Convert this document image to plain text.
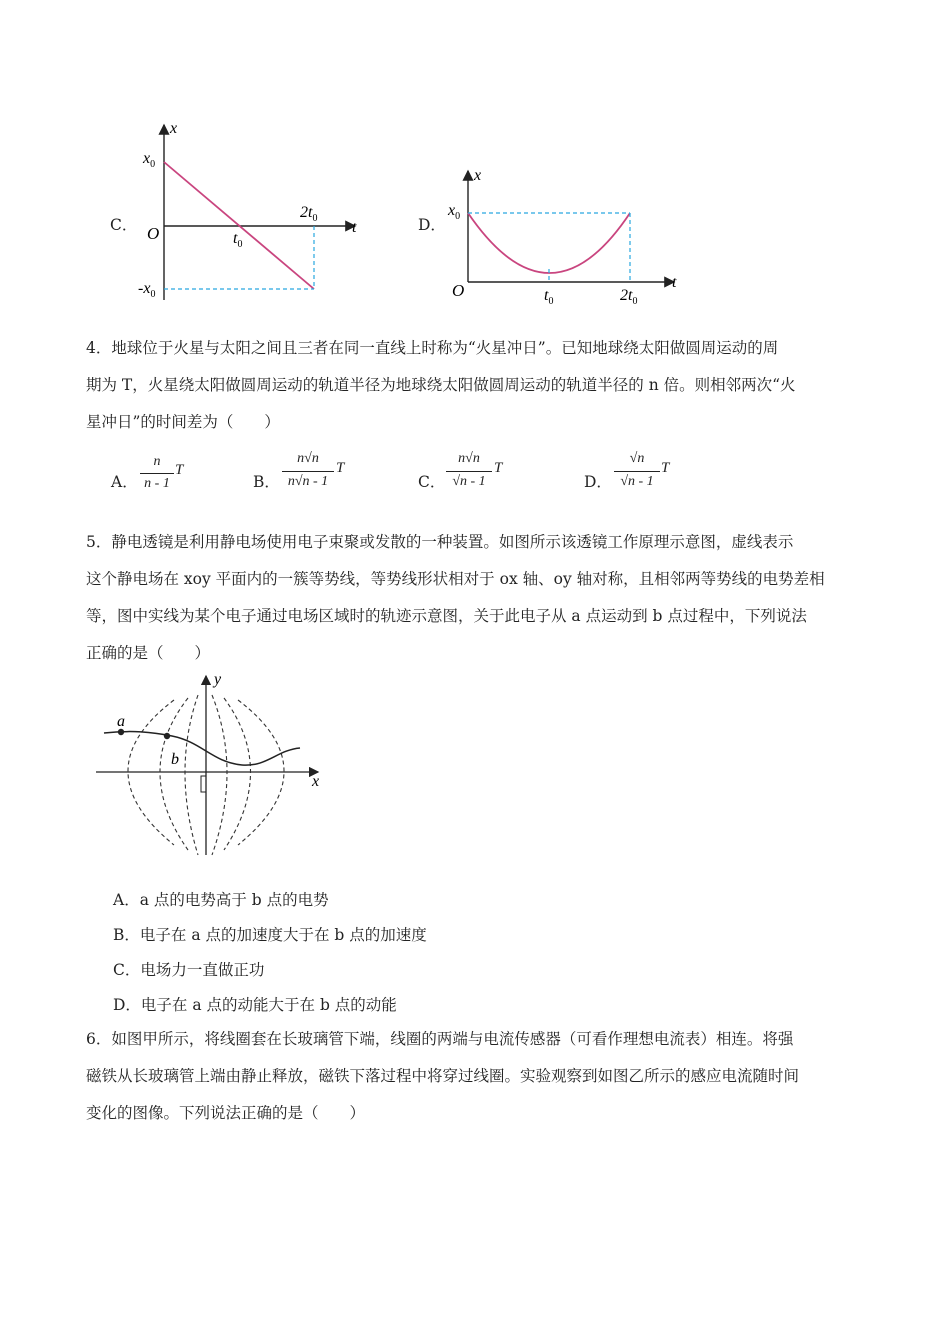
C．
x
t
O
$x_0$
$-x_0$
$t_0$
$2t_0$	D．
x
t
O
$x_0$
$t_0$	$2t_0$
4．地球位于火星与太阳之间且三者在同一直线上时称为“火星冲日”。已知地球绕太阳做圆周运动的周
期为 T，火星绕太阳做圆周运动的轨道半径为地球绕太阳做圆周运动的轨道半径的 n 倍。则相邻两次“火
星冲日”的时间差为（　　）
A．
n
n - 1
T
B．
n√n
n√n - 1
T
C．
n√n
√n - 1
T
D．
√n
√n - 1
T
5．静电透镜是利用静电场使用电子束聚或发散的一种装置。如图所示该透镜工作原理示意图，虚线表示
这个静电场在 xoy 平面内的一簇等势线，等势线形状相对于 ox 轴、oy 轴对称，且相邻两等势线的电势差相
等，图中实线为某个电子通过电场区域时的轨迹示意图，关于此电子从 a 点运动到 b 点过程中，下列说法
正确的是（　　）
y
x
a
b
A．a 点的电势高于 b 点的电势
B．电子在 a 点的加速度大于在 b 点的加速度
C．电场力一直做正功
D．电子在 a 点的动能大于在 b 点的动能
6．如图甲所示，将线圈套在长玻璃管下端，线圈的两端与电流传感器（可看作理想电流表）相连。将强
磁铁从长玻璃管上端由静止释放，磁铁下落过程中将穿过线圈。实验观察到如图乙所示的感应电流随时间
变化的图像。下列说法正确的是（　　）
